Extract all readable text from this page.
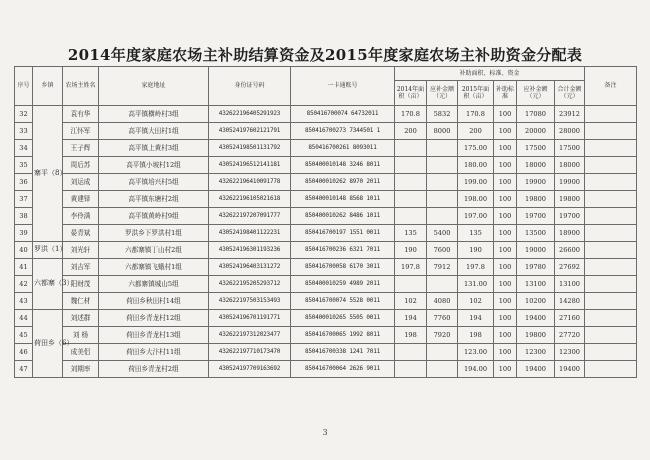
2014年度家庭农场主补助结算资金及2015年度家庭农场主补助资金分配表
序号	乡镇	农场主姓名	家庭地址	身份证号码	一卡通账号	补助面积、标准、资金						备注
						2014年面积（亩）	应补金额（元）	2015年面积（亩）	补助标准	应补金额（元）	合计金额（元）	
32	寨平（8）	袁有华	高平镇横岭村3组	432622196405291923	850416700074 64732011	170.8	5832	170.8	100	17080	23912	
33		江怀军	高平镇大田村1组	430524197602121791	850416700273 7344501 1	200	8000	200	100	20000	28000	
34		王子辉	高平镇上黄村3组	430524198501131792	850416700261 8093011			175.00	100	17500	17500	
35		周后苏	高平镇小坡村12组	430524196512141181	850400010148 3246 8011			180.00	100	18000	18000	
36		刘运成	高平镇培兴村5组	432622196410091778	850400010262 8970 2011			199.00	100	19900	19900	
37		黄建铎	高平镇东塘村2组	432622196105021618	850400010148 8568 1011			198.00	100	19800	19800	
38		李伶满	高平镇黄岭村9组	432622197207091777	850400010262 8486 1011			197.00	100	19700	19700	
39		晏青斌	罗洪乡下罗洪村1组	430524198401122231	850416700197 1551 0011	135	5400	135	100	13500	18900	
40	罗洪（1）	刘光轩	六都寨镇丁山村2组	430524196301193236	850416700236 6321 7011	190	7600	190	100	19000	26600	
41	六都寨（3）	刘吉军	六都寨镇飞蛾村1组	430524196403131272	850416700058 6170 3011	197.8	7912	197.8	100	19780	27692	
42		阳财茂	六都寨镇城山5组	432622195205293712	850400010259 4989 2011			131.00	100	13100	13100	
43		魏仁材	荷田乡秋田村14组	432622197503153493	850416700074 5528 0011	102	4080	102	100	10200	14280	
44	荷田乡（6）	刘述群	荷田乡青龙村12组	430524196701191771	850400010265 5505 0011	194	7760	194	100	19400	27160	
45		刘 杨	荷田乡青龙村13组	432622197312023477	850416700065 1992 8011	198	7920	198	100	19800	27720	
46		成美侣	荷田乡大汴村11组	432622197710173470	850416700338 1241 7011			123.00	100	12300	12300	
47		刘期率	荷田乡青龙村2组	430524197709163692	850416700064 2626 9011			194.00	100	19400	19400	
3
